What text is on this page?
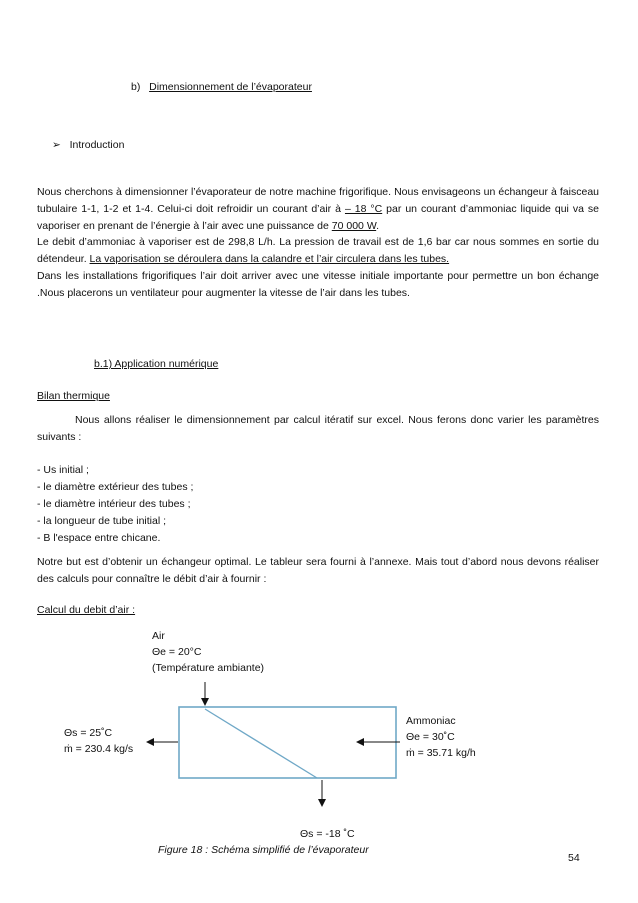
b) Dimensionnement de l’évaporateur
➢ Introduction
Nous cherchons à dimensionner l’évaporateur de notre machine frigorifique. Nous envisageons un échangeur à faisceau tubulaire 1-1, 1-2 et 1-4. Celui-ci doit refroidir un courant d’air à – 18 °C par un courant d’ammoniac liquide qui va se vaporiser en prenant de l’énergie à l’air avec une puissance de 70 000 W.
Le debit d’ammoniac à vaporiser est de 298,8 L/h. La pression de travail est de 1,6 bar car nous sommes en sortie du détendeur. La vaporisation se déroulera dans la calandre et l’air circulera dans les tubes.
Dans les installations frigorifiques l’air doit arriver avec une vitesse initiale importante pour permettre un bon échange .Nous placerons un ventilateur pour augmenter la vitesse de l’air dans les tubes.
b.1) Application numérique
Bilan thermique
Nous allons réaliser le dimensionnement par calcul itératif sur excel. Nous ferons donc varier les paramètres suivants :
- Us initial ;
- le diamètre extérieur des tubes ;
- le diamètre intérieur des tubes ;
- la longueur de tube initial ;
- B l'espace entre chicane.
Notre but est d’obtenir un échangeur optimal. Le tableur sera fourni à l’annexe. Mais tout d’abord nous devons réaliser des calculs pour connaître le débit d’air à fournir :
Calcul du debit d’air :
Air
Θe = 20°C
(Température ambiante)
Ammoniac
Θe = 30˚C
ṁ = 35.71 kg/h
Θs = 25˚C
ṁ = 230.4 kg/s
Θs = -18 ˚C
Figure 18 : Schéma simplifié de l’évaporateur
54
